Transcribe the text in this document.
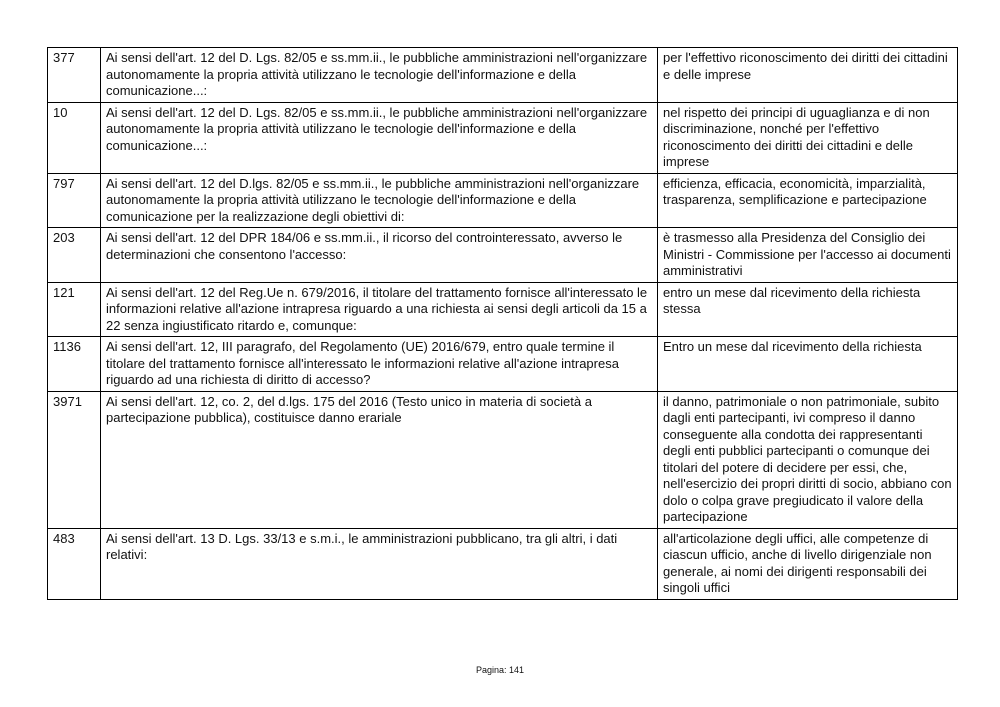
377	Ai sensi dell'art. 12 del D. Lgs. 82/05 e ss.mm.ii., le pubbliche amministrazioni nell'organizzare autonomamente la propria attività utilizzano le tecnologie dell'informazione e della comunicazione...:	per l'effettivo riconoscimento dei diritti dei cittadini e delle imprese
10	Ai sensi dell'art. 12 del D. Lgs. 82/05 e ss.mm.ii., le pubbliche amministrazioni nell'organizzare autonomamente la propria attività utilizzano le tecnologie dell'informazione e della comunicazione...:	nel rispetto dei principi di uguaglianza e di non discriminazione, nonché per l'effettivo riconoscimento dei diritti dei cittadini e delle imprese
797	Ai sensi dell'art. 12 del D.lgs. 82/05 e ss.mm.ii., le pubbliche amministrazioni nell'organizzare autonomamente la propria attività utilizzano le tecnologie dell'informazione e della comunicazione per la realizzazione degli obiettivi di:	efficienza, efficacia, economicità, imparzialità, trasparenza, semplificazione e partecipazione
203	Ai sensi dell'art. 12 del DPR 184/06 e ss.mm.ii., il ricorso del controinteressato, avverso le determinazioni che consentono l'accesso:	è trasmesso alla Presidenza del Consiglio dei Ministri - Commissione per l'accesso ai documenti amministrativi
121	Ai sensi dell'art. 12 del Reg.Ue n. 679/2016, il titolare del trattamento fornisce all'interessato le informazioni relative all'azione intrapresa riguardo a una richiesta ai sensi degli articoli da 15 a 22 senza ingiustificato ritardo e, comunque:	entro un mese dal ricevimento della richiesta stessa
1136	Ai sensi dell'art. 12, III paragrafo, del Regolamento (UE) 2016/679, entro quale termine il titolare del trattamento fornisce all'interessato le informazioni relative all'azione intrapresa riguardo ad una richiesta di diritto di accesso?	Entro un mese dal ricevimento della richiesta
3971	Ai sensi dell'art. 12, co. 2, del d.lgs. 175 del 2016 (Testo unico in materia di società a partecipazione pubblica), costituisce danno erariale	il danno, patrimoniale o non patrimoniale, subito dagli enti partecipanti, ivi compreso il danno conseguente alla condotta dei rappresentanti degli enti pubblici partecipanti o comunque dei titolari del potere di decidere per essi, che, nell'esercizio dei propri diritti di socio, abbiano con dolo o colpa grave pregiudicato il valore della partecipazione
483	Ai sensi dell'art. 13 D. Lgs. 33/13 e s.m.i., le amministrazioni pubblicano, tra gli altri, i dati relativi:	all'articolazione degli uffici, alle competenze di ciascun ufficio, anche di livello dirigenziale non generale, ai nomi dei dirigenti responsabili dei singoli uffici
Pagina: 141
